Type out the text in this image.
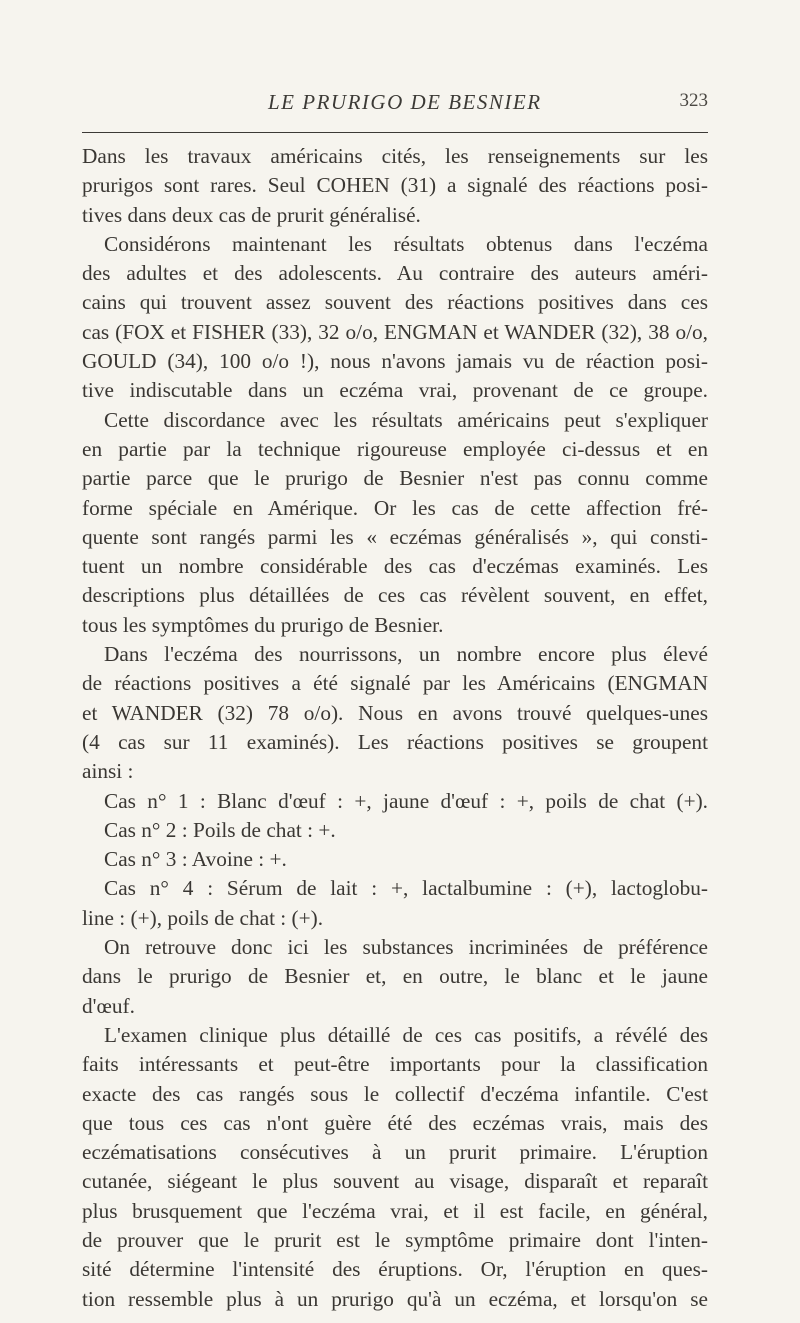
LE PRURIGO DE BESNIER	323
Dans les travaux américains cités, les renseignements sur les
prurigos sont rares. Seul COHEN (31) a signalé des réactions posi-
tives dans deux cas de prurit généralisé.
Considérons maintenant les résultats obtenus dans l'eczéma
des adultes et des adolescents. Au contraire des auteurs améri-
cains qui trouvent assez souvent des réactions positives dans ces
cas (FOX et FISHER (33), 32 o/o, ENGMAN et WANDER (32), 38 o/o,
GOULD (34), 100 o/o !), nous n'avons jamais vu de réaction posi-
tive indiscutable dans un eczéma vrai, provenant de ce groupe.
Cette discordance avec les résultats américains peut s'expliquer
en partie par la technique rigoureuse employée ci-dessus et en
partie parce que le prurigo de Besnier n'est pas connu comme
forme spéciale en Amérique. Or les cas de cette affection fré-
quente sont rangés parmi les « eczémas généralisés », qui consti-
tuent un nombre considérable des cas d'eczémas examinés. Les
descriptions plus détaillées de ces cas révèlent souvent, en effet,
tous les symptômes du prurigo de Besnier.
Dans l'eczéma des nourrissons, un nombre encore plus élevé
de réactions positives a été signalé par les Américains (ENGMAN
et WANDER (32) 78 o/o). Nous en avons trouvé quelques-unes
(4 cas sur 11 examinés). Les réactions positives se groupent
ainsi :
Cas n° 1 : Blanc d'œuf : +, jaune d'œuf : +, poils de chat (+).
Cas n° 2 : Poils de chat : +.
Cas n° 3 : Avoine : +.
Cas n° 4 : Sérum de lait : +, lactalbumine : (+), lactoglobu-
line : (+), poils de chat : (+).
On retrouve donc ici les substances incriminées de préférence
dans le prurigo de Besnier et, en outre, le blanc et le jaune
d'œuf.
L'examen clinique plus détaillé de ces cas positifs, a révélé des
faits intéressants et peut-être importants pour la classification
exacte des cas rangés sous le collectif d'eczéma infantile. C'est
que tous ces cas n'ont guère été des eczémas vrais, mais des
eczématisations consécutives à un prurit primaire. L'éruption
cutanée, siégeant le plus souvent au visage, disparaît et reparaît
plus brusquement que l'eczéma vrai, et il est facile, en général,
de prouver que le prurit est le symptôme primaire dont l'inten-
sité détermine l'intensité des éruptions. Or, l'éruption en ques-
tion ressemble plus à un prurigo qu'à un eczéma, et lorsqu'on se
